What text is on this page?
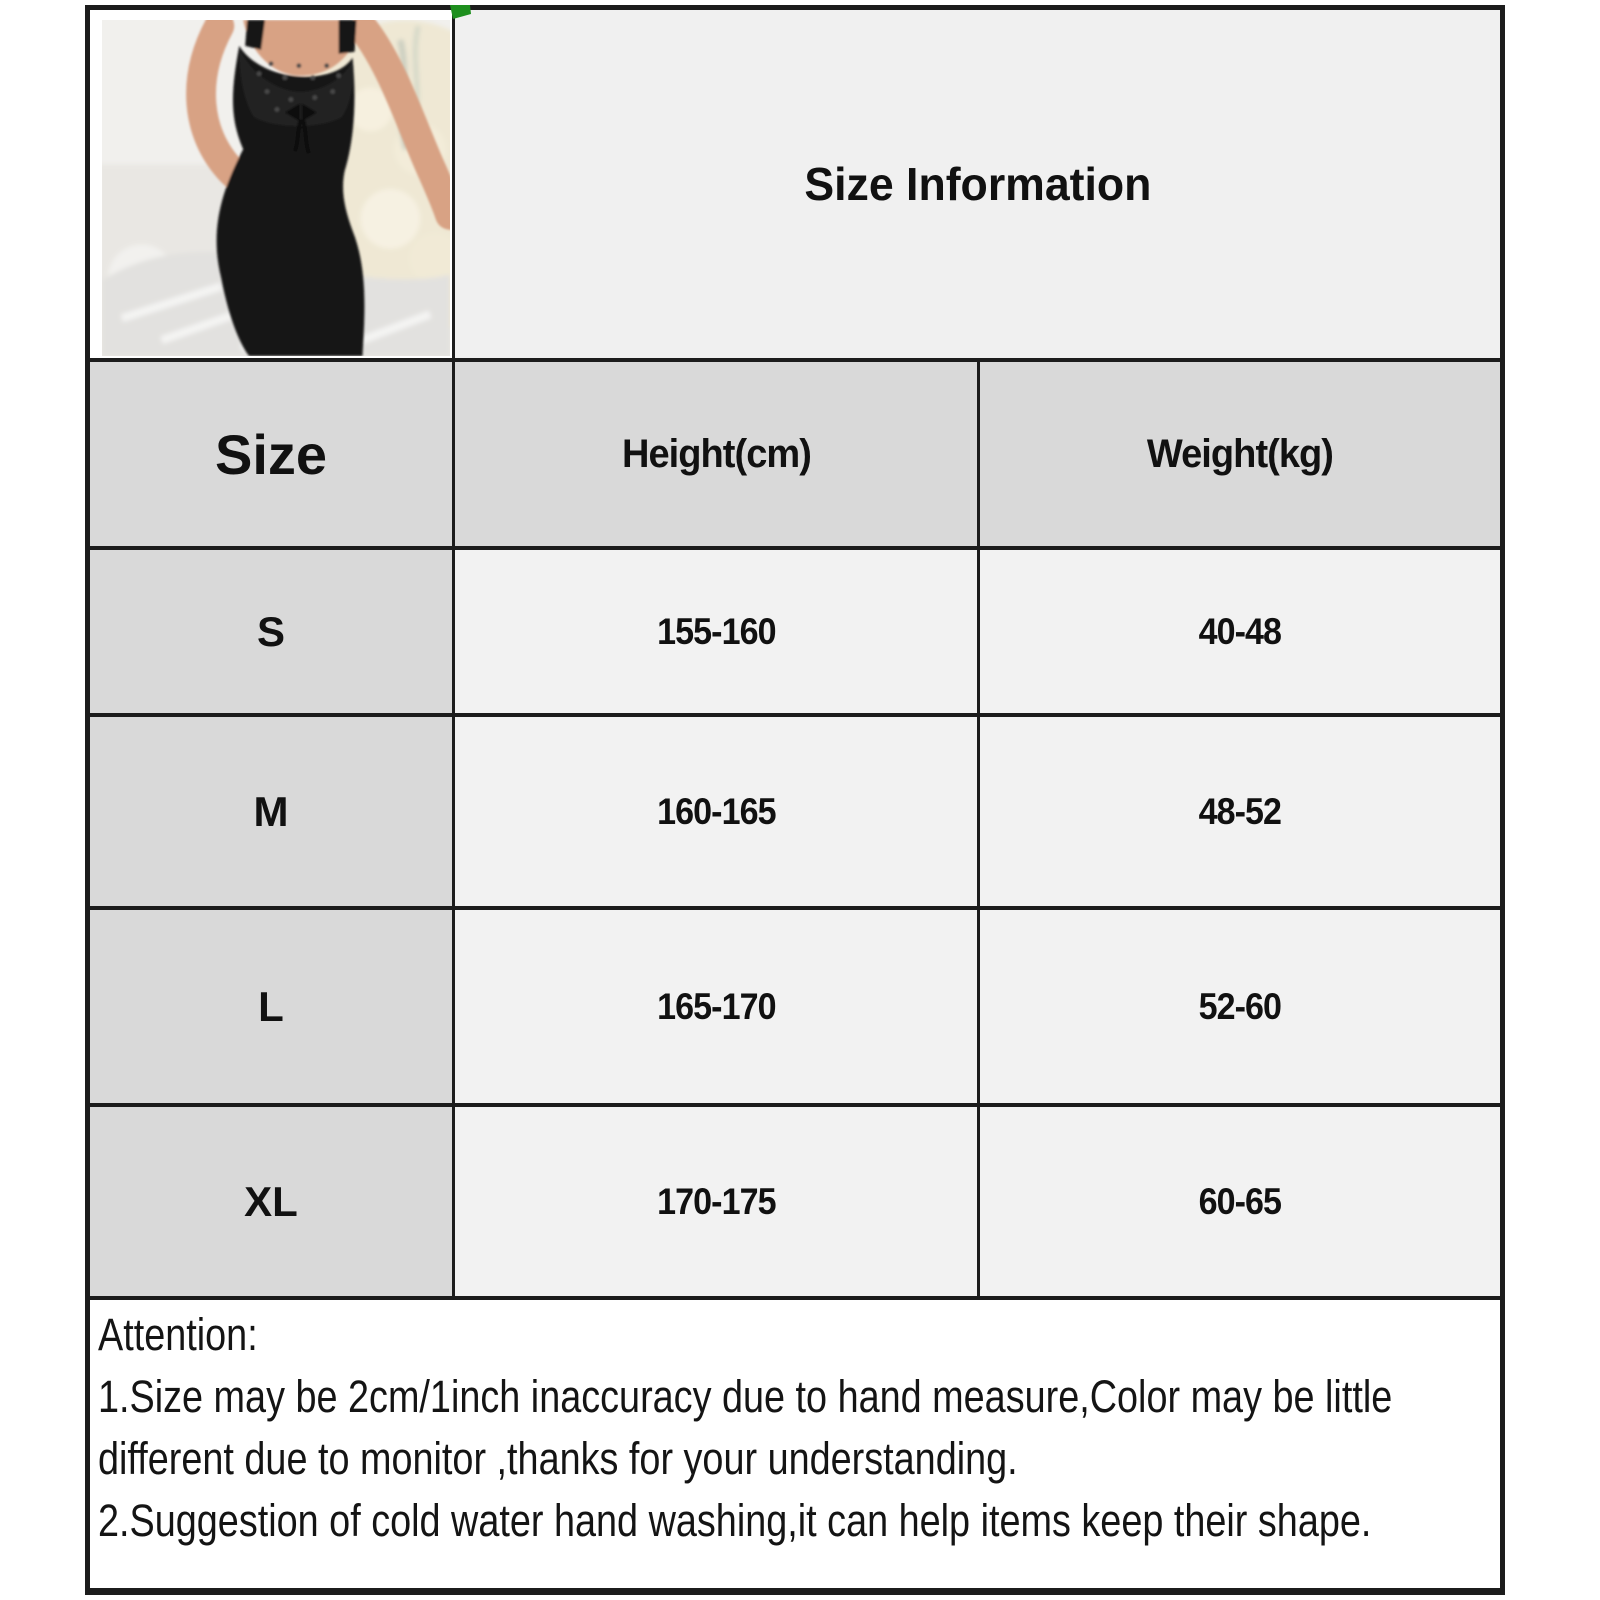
Size Information
Size	Height(cm)	Weight(kg)
S	155-160	40-48
M	160-165	48-52
L	165-170	52-60
XL	170-175	60-65
Attention:
1.Size may be 2cm/1inch inaccuracy due to hand measure,Color may be little
different due to monitor ,thanks for your understanding.
2.Suggestion of cold water hand washing,it can help items keep their shape.
